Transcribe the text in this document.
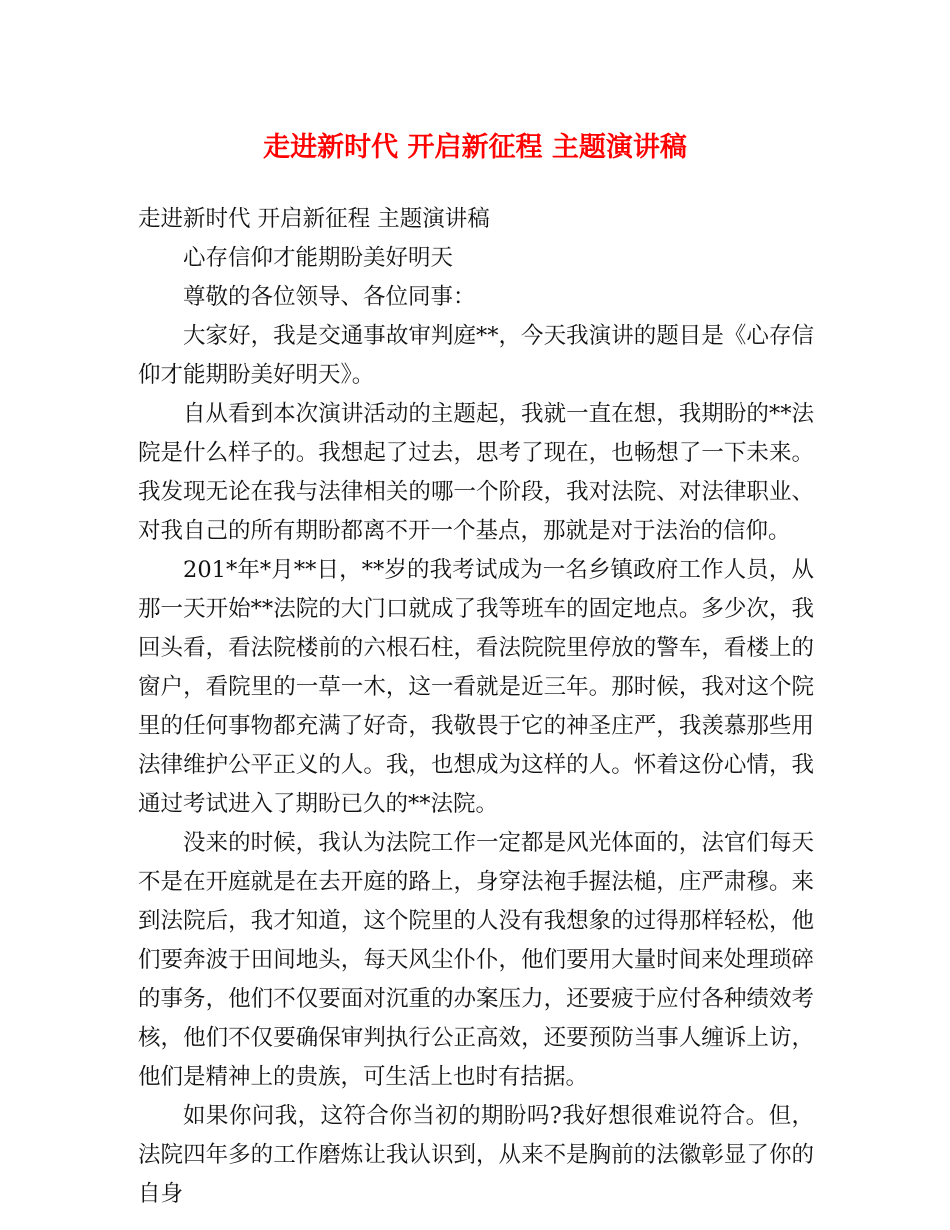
走进新时代 开启新征程 主题演讲稿

走进新时代 开启新征程 主题演讲稿

心存信仰才能期盼美好明天

尊敬的各位领导、各位同事：

大家好，我是交通事故审判庭**，今天我演讲的题目是《心存信仰才能期盼美好明天》。

自从看到本次演讲活动的主题起，我就一直在想，我期盼的**法院是什么样子的。我想起了过去，思考了现在，也畅想了一下未来。我发现无论在我与法律相关的哪一个阶段，我对法院、对法律职业、对我自己的所有期盼都离不开一个基点，那就是对于法治的信仰。

201*年*月**日，**岁的我考试成为一名乡镇政府工作人员，从那一天开始**法院的大门口就成了我等班车的固定地点。多少次，我回头看，看法院楼前的六根石柱，看法院院里停放的警车，看楼上的窗户，看院里的一草一木，这一看就是近三年。那时候，我对这个院里的任何事物都充满了好奇，我敬畏于它的神圣庄严，我羡慕那些用法律维护公平正义的人。我，也想成为这样的人。怀着这份心情，我通过考试进入了期盼已久的**法院。

没来的时候，我认为法院工作一定都是风光体面的，法官们每天不是在开庭就是在去开庭的路上，身穿法袍手握法槌，庄严肃穆。来到法院后，我才知道，这个院里的人没有我想象的过得那样轻松，他们要奔波于田间地头，每天风尘仆仆，他们要用大量时间来处理琐碎的事务，他们不仅要面对沉重的办案压力，还要疲于应付各种绩效考核，他们不仅要确保审判执行公正高效，还要预防当事人缠诉上访，他们是精神上的贵族，可生活上也时有拮据。

如果你问我，这符合你当初的期盼吗?我好想很难说符合。但，法院四年多的工作磨炼让我认识到，从来不是胸前的法徽彰显了你的自身
